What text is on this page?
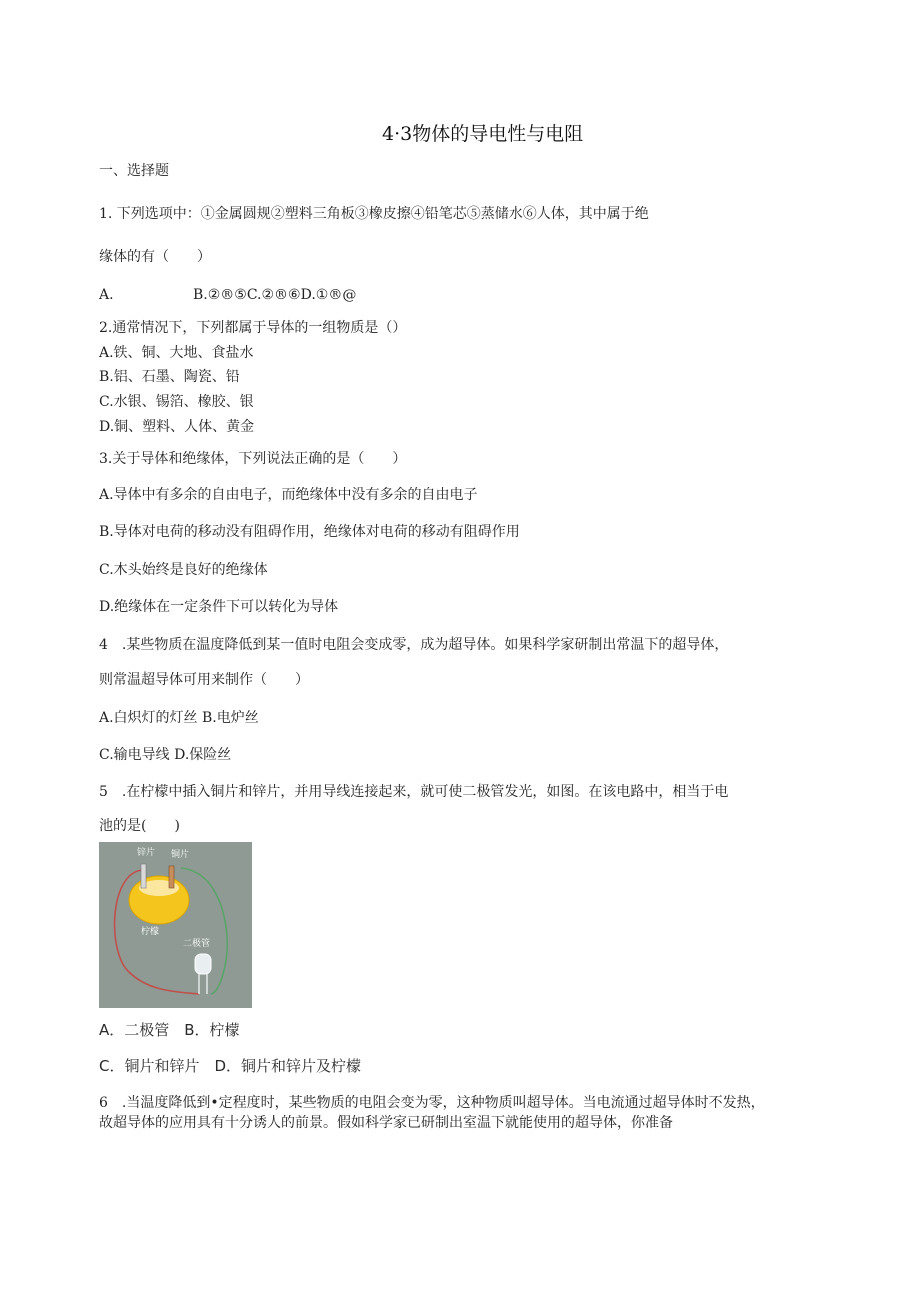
4·3物体的导电性与电阻
一、选择题
1. 下列选项中：①金属圆规②塑料三角板③橡皮擦④铅笔芯⑤蒸储水⑥人体，其中属于绝
缘体的有（　　）
A.	B.②®⑤C.②®⑥D.①®@
2.通常情况下，下列都属于导体的一组物质是（）
A.铁、铜、大地、食盐水
B.铝、石墨、陶瓷、铅
C.水银、锡箔、橡胶、银
D.铜、塑料、人体、黄金
3.关于导体和绝缘体，下列说法正确的是（　　）
A.导体中有多余的自由电子，而绝缘体中没有多余的自由电子
B.导体对电荷的移动没有阻碍作用，绝缘体对电荷的移动有阻碍作用
C.木头始终是良好的绝缘体
D.绝缘体在一定条件下可以转化为导体
4　.某些物质在温度降低到某一值时电阻会变成零，成为超导体。如果科学家研制出常温下的超导体，
则常温超导体可用来制作（　　）
A.白炽灯的灯丝 B.电炉丝
C.输电导线 D.保险丝
5　.在柠檬中插入铜片和锌片，并用导线连接起来，就可使二极管发光，如图。在该电路中，相当于电
池的是(　　)
锌片 铜片
柠檬
二极管
A．二极管　B．柠檬
C．铜片和锌片　D．铜片和锌片及柠檬
6　.当温度降低到•定程度时，某些物质的电阻会变为零，这种物质叫超导体。当电流通过超导体时不发热，
故超导体的应用具有十分诱人的前景。假如科学家已研制出室温下就能使用的超导体，你准备
